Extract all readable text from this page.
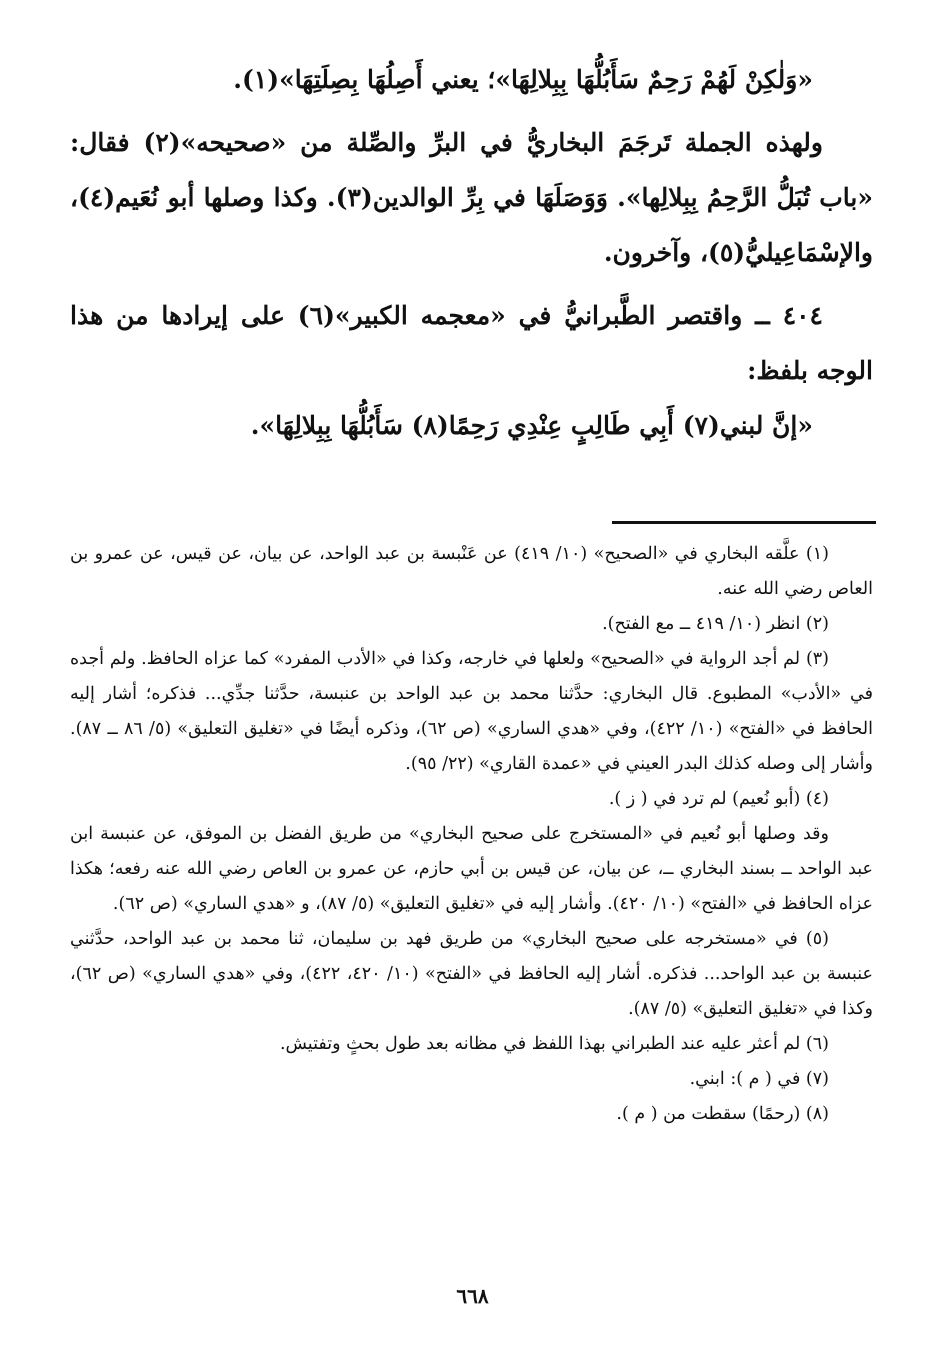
«وَلٰكِنْ لَهُمْ رَحِمٌ سَأَبُلُّهَا بِبِلالِهَا»؛ يعني أَصِلُهَا بِصِلَتِهَا»(١).

ولهذه الجملة تَرجَمَ البخاريُّ في البرِّ والصِّلة من «صحيحه»(٢) فقال: «باب تُبَلُّ الرَّحِمُ بِبِلالِها». وَوَصَلَهَا في بِرِّ الوالدين(٣). وكذا وصلها أبو نُعَيم(٤)، والإسْمَاعِيليُّ(٥)، وآخرون.

٤٠٤ ــ واقتصر الطَّبرانيُّ في «معجمه الكبير»(٦) على إيرادها من هذا الوجه بلفظ:

«إنَّ لبني(٧) أَبِي طَالِبٍ عِنْدِي رَحِمًا(٨) سَأَبُلُّهَا بِبِلالِهَا».

(١) علَّقه البخاري في «الصحيح» (١٠/ ٤١٩) عن عَنْبسة بن عبد الواحد، عن بيان، عن قيس، عن عمرو بن العاص رضي الله عنه.

(٢) انظر (١٠/ ٤١٩ ــ مع الفتح).

(٣) لم أجد الرواية في «الصحيح» ولعلها في خارجه، وكذا في «الأدب المفرد» كما عزاه الحافظ. ولم أجده في «الأدب» المطبوع. قال البخاري: حدَّثنا محمد بن عبد الواحد بن عنبسة، حدَّثنا جدِّي... فذكره؛ أشار إليه الحافظ في «الفتح» (١٠/ ٤٢٢)، وفي «هدي الساري» (ص ٦٢)، وذكره أيضًا في «تغليق التعليق» (٥/ ٨٦ ــ ٨٧). وأشار إلى وصله كذلك البدر العيني في «عمدة القاري» (٢٢/ ٩٥).

(٤) (أبو نُعيم) لم ترد في ( ز ).

وقد وصلها أبو نُعيم في «المستخرج على صحيح البخاري» من طريق الفضل بن الموفق، عن عنبسة ابن عبد الواحد ــ بسند البخاري ــ، عن بيان، عن قيس بن أبي حازم، عن عمرو بن العاص رضي الله عنه رفعه؛ هكذا عزاه الحافظ في «الفتح» (١٠/ ٤٢٠). وأشار إليه في «تغليق التعليق» (٥/ ٨٧)، و «هدي الساري» (ص ٦٢).

(٥) في «مستخرجه على صحيح البخاري» من طريق فهد بن سليمان، ثنا محمد بن عبد الواحد، حدَّثني عنبسة بن عبد الواحد... فذكره. أشار إليه الحافظ في «الفتح» (١٠/ ٤٢٠، ٤٢٢)، وفي «هدي الساري» (ص ٦٢)، وكذا في «تغليق التعليق» (٥/ ٨٧).

(٦) لم أعثر عليه عند الطبراني بهذا اللفظ في مظانه بعد طول بحثٍ وتفتيش.

(٧) في ( م ): ابني.

(٨) (رحمًا) سقطت من ( م ).

٦٦٨
